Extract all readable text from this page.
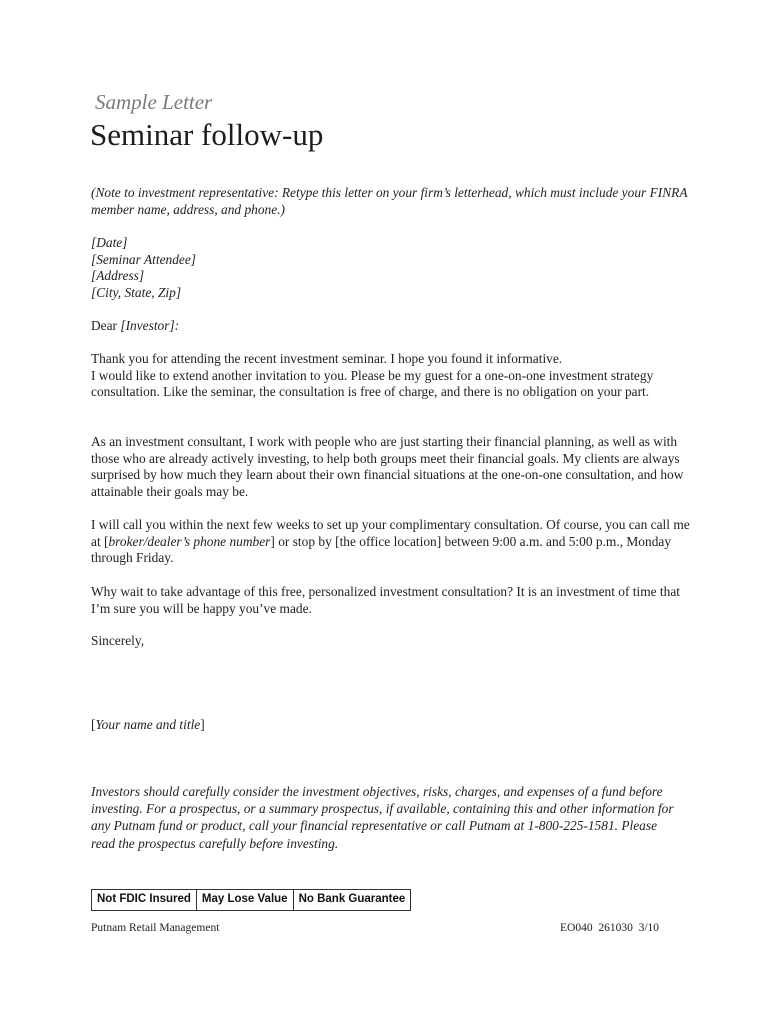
Sample Letter
Seminar follow-up

(Note to investment representative: Retype this letter on your firm’s letterhead, which must include your FINRA member name, address, and phone.)

[Date]
[Seminar Attendee]
[Address]
[City, State, Zip]

Dear [Investor]:

Thank you for attending the recent investment seminar. I hope you found it informative.
I would like to extend another invitation to you. Please be my guest for a one-on-one investment strategy consultation. Like the seminar, the consultation is free of charge, and there is no obligation on your part.

As an investment consultant, I work with people who are just starting their financial planning, as well as with those who are already actively investing, to help both groups meet their financial goals. My clients are always surprised by how much they learn about their own financial situations at the one-on-one consultation, and how attainable their goals may be.

I will call you within the next few weeks to set up your complimentary consultation. Of course, you can call me at [broker/dealer’s phone number] or stop by [the office location] between 9:00 a.m. and 5:00 p.m., Monday through Friday.

Why wait to take advantage of this free, personalized investment consultation? It is an investment of time that I’m sure you will be happy you’ve made.

Sincerely,

[Your name and title]

Investors should carefully consider the investment objectives, risks, charges, and expenses of a fund before investing. For a prospectus, or a summary prospectus, if available, containing this and other information for any Putnam fund or product, call your financial representative or call Putnam at 1-800-225-1581. Please read the prospectus carefully before investing.

Not FDIC Insured May Lose Value No Bank Guarantee
Putnam Retail Management	EO040  261030  3/10
